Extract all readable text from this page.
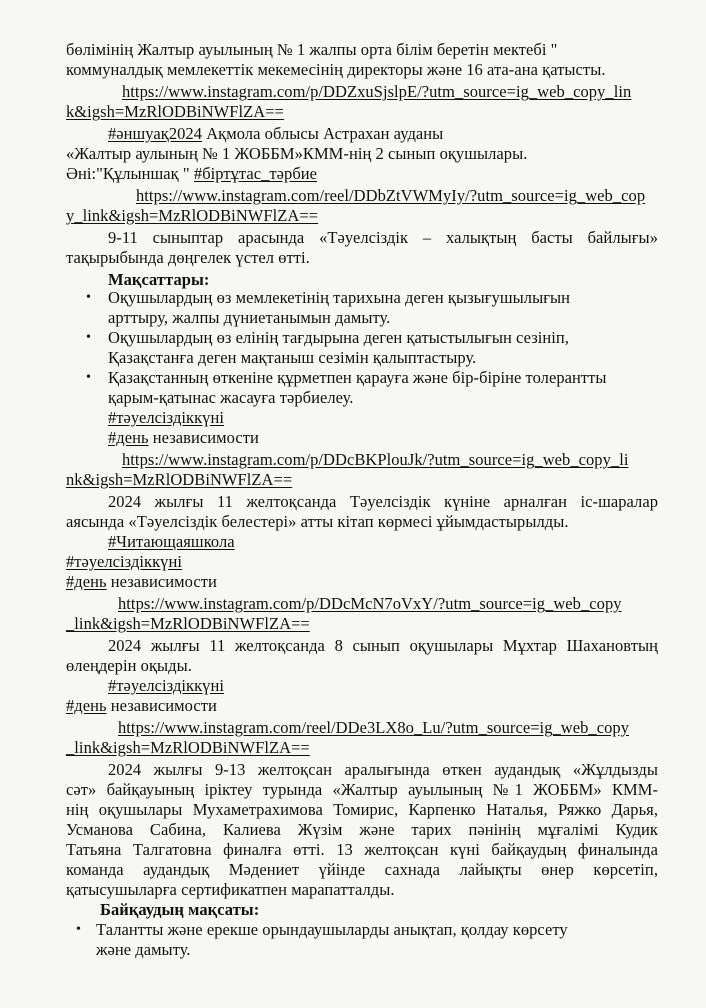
бөлімінің Жалтыр ауылының № 1 жалпы орта білім беретін мектебі "
коммуналдық мемлекеттік мекемесінің директоры және 16 ата-ана қатысты.
https://www.instagram.com/p/DDZxuSjslpE/?utm_source=ig_web_copy_lin
k&igsh=MzRlODBiNWFlZA==
#әншуақ2024 Ақмола облысы Астрахан ауданы
«Жалтыр аулының № 1 ЖОББМ»КММ-нің 2 сынып оқушылары.
Әні:"Құлыншақ " #біртұтас_тәрбие
https://www.instagram.com/reel/DDbZtVWMyIy/?utm_source=ig_web_cop
y_link&igsh=MzRlODBiNWFlZA==
9-11 сыныптар арасында «Тәуелсіздік – халықтың басты байлығы»
тақырыбында дөңгелек үстел өтті.
Мақсаттары:
• Оқушылардың өз мемлекетінің тарихына деген қызығушылығын
арттыру, жалпы дүниетанымын дамыту.
• Оқушылардың өз елінің тағдырына деген қатыстылығын сезініп,
Қазақстанға деген мақтаныш сезімін қалыптастыру.
• Қазақстанның өткеніне құрметпен қарауға және бір-біріне толерантты
қарым-қатынас жасауға тәрбиелеу.
#тәуелсіздіккүні
#день независимости
https://www.instagram.com/p/DDcBKPlouJk/?utm_source=ig_web_copy_li
nk&igsh=MzRlODBiNWFlZA==
2024 жылғы 11 желтоқсанда Тәуелсіздік күніне арналған іс-шаралар
аясында «Тәуелсіздік белестері» атты кітап көрмесі ұйымдастырылды.
#Читающаяшкола
#тәуелсіздіккүні
#день независимости
https://www.instagram.com/p/DDcMcN7oVxY/?utm_source=ig_web_copy
_link&igsh=MzRlODBiNWFlZA==
2024 жылғы 11 желтоқсанда 8 сынып оқушылары Мұхтар Шахановтың
өлеңдерін оқыды.
#тәуелсіздіккүні
#день независимости
https://www.instagram.com/reel/DDe3LX8o_Lu/?utm_source=ig_web_copy
_link&igsh=MzRlODBiNWFlZA==
2024 жылғы 9-13 желтоқсан аралығында өткен аудандық «Жұлдызды
сәт» байқауының іріктеу турында «Жалтыр ауылының №1 ЖОББМ» КММ-
нің оқушылары Мухаметрахимова Томирис, Карпенко Наталья, Ряжко Дарья,
Усманова Сабина, Калиева Жүзім және тарих пәнінің мұғалімі Кудик
Татьяна Талгатовна финалға өтті. 13 желтоқсан күні байқаудың финалында
команда аудандық Мәдениет үйінде сахнада лайықты өнер көрсетіп,
қатысушыларға сертификатпен марапатталды.
Байқаудың мақсаты:
• Талантты және ерекше орындаушыларды анықтап, қолдау көрсету
және дамыту.
